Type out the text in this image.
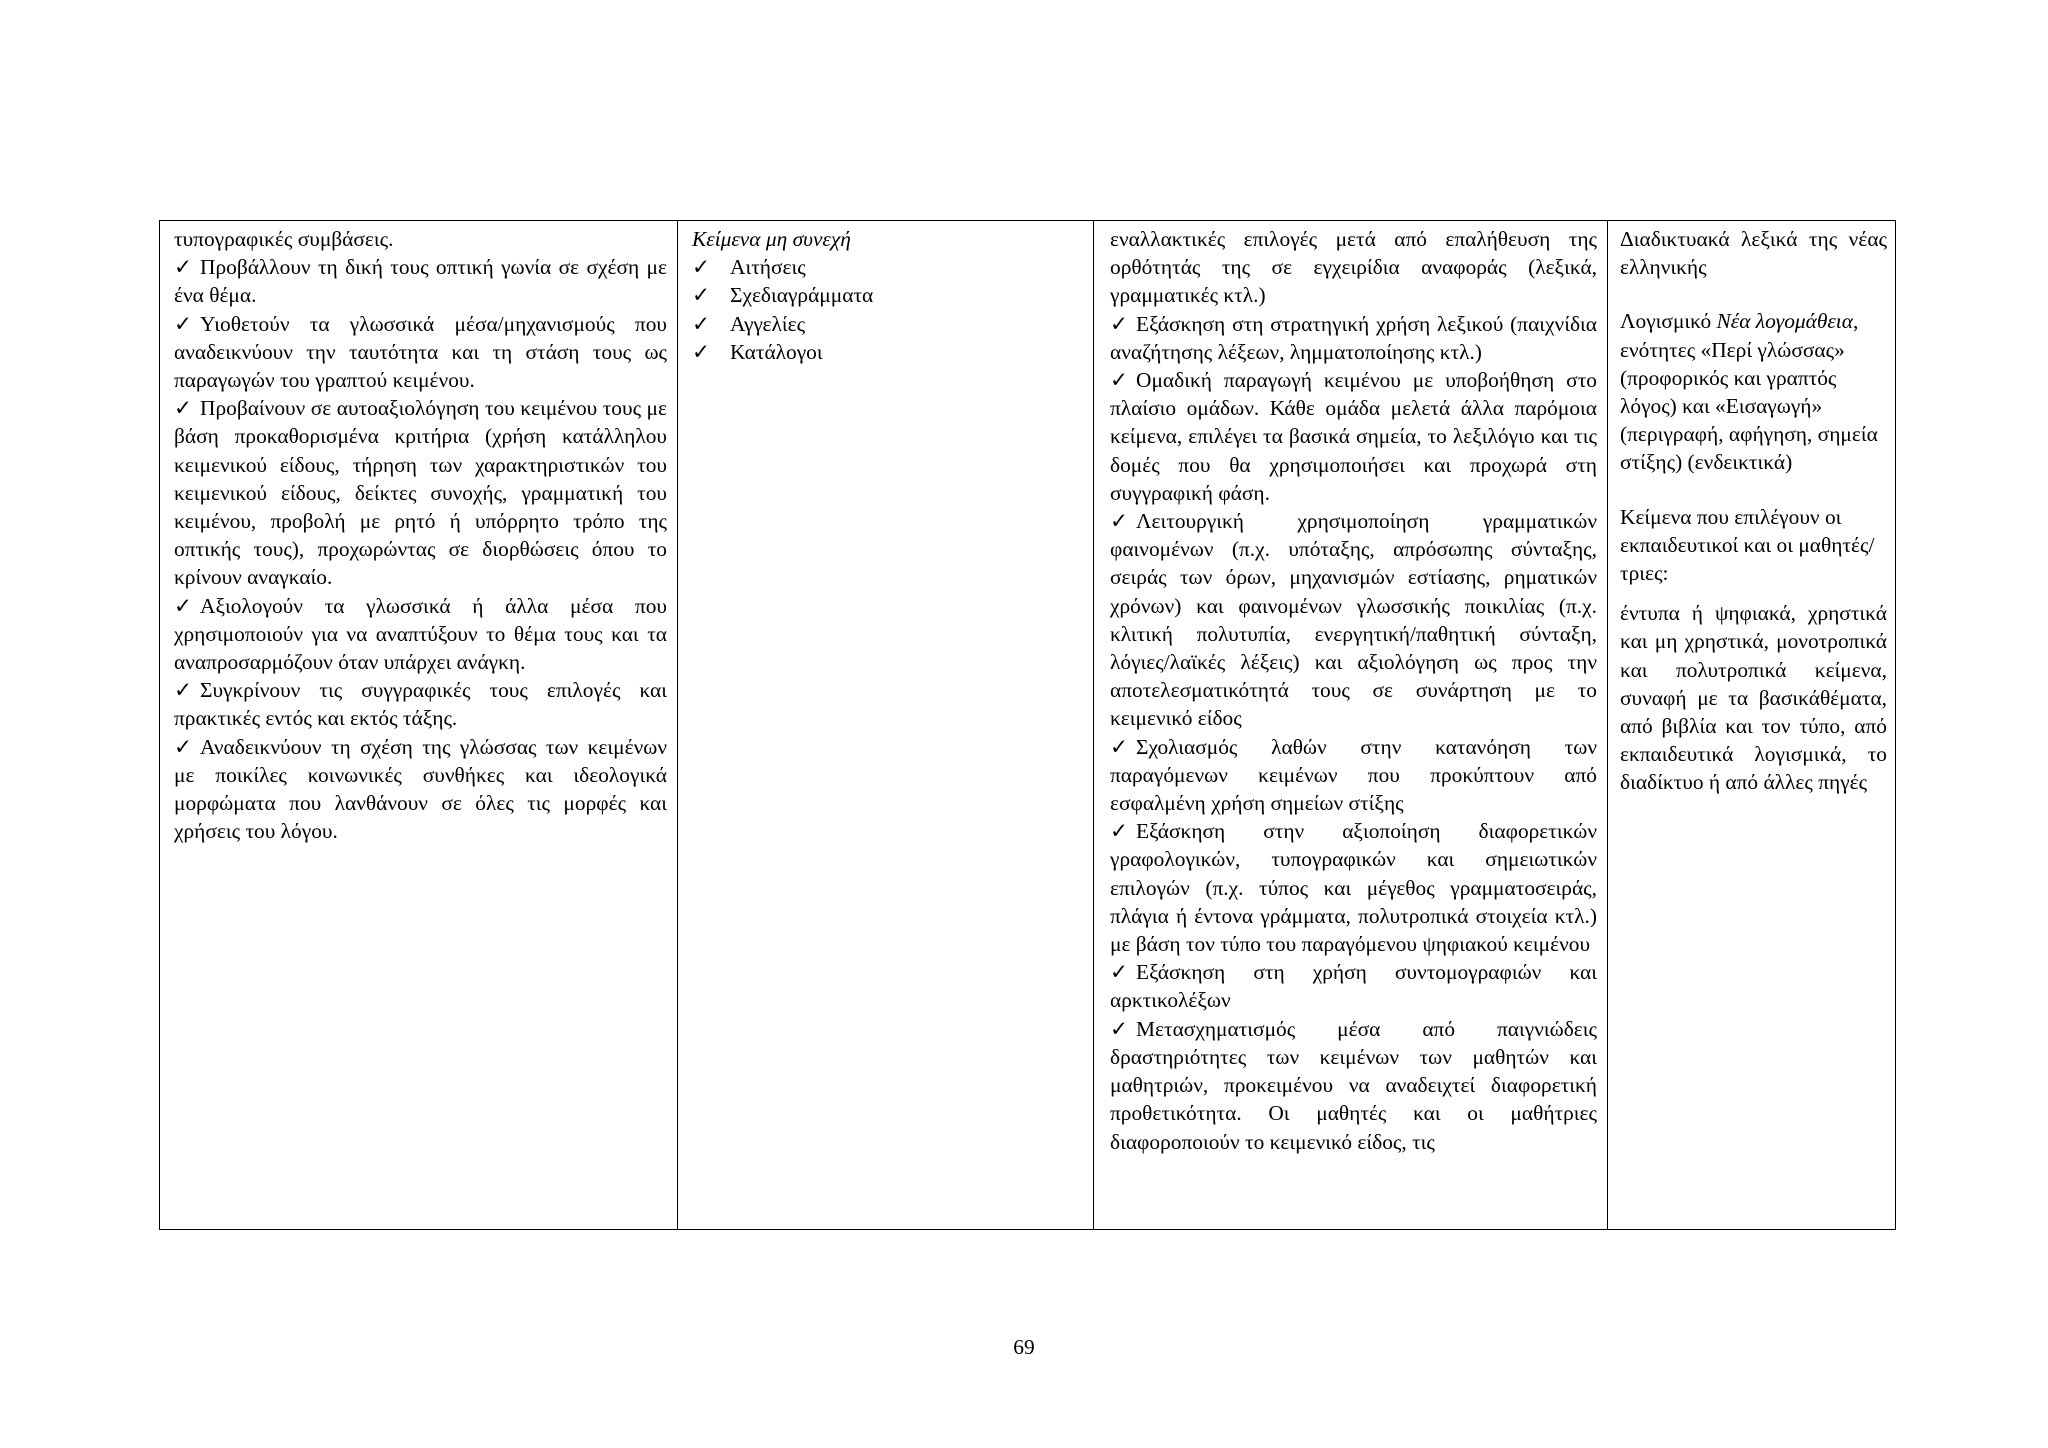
τυπογραφικές συμβάσεις.

✓ Προβάλλουν τη δική τους οπτική γωνία σε σχέση με ένα θέμα.

✓ Υιοθετούν τα γλωσσικά μέσα/μηχανισμούς που αναδεικνύουν την ταυτότητα και τη στάση τους ως παραγωγών του γραπτού κειμένου.

✓ Προβαίνουν σε αυτοαξιολόγηση του κειμένου τους με βάση προκαθορισμένα κριτήρια (χρήση κατάλληλου κειμενικού είδους, τήρηση των χαρακτηριστικών του κειμενικού είδους, δείκτες συνοχής, γραμματική του κειμένου, προβολή με ρητό ή υπόρρητο τρόπο της οπτικής τους), προχωρώντας σε διορθώσεις όπου το κρίνουν αναγκαίο.

✓ Αξιολογούν τα γλωσσικά ή άλλα μέσα που χρησιμοποιούν για να αναπτύξουν το θέμα τους και τα αναπροσαρμόζουν όταν υπάρχει ανάγκη.

✓ Συγκρίνουν τις συγγραφικές τους επιλογές και πρακτικές εντός και εκτός τάξης.

✓ Αναδεικνύουν τη σχέση της γλώσσας των κειμένων με ποικίλες κοινωνικές συνθήκες και ιδεολογικά μορφώματα που λανθάνουν σε όλες τις μορφές και χρήσεις του λόγου.

Κείμενα μη συνεχή

✓ Αιτήσεις
✓ Σχεδιαγράμματα
✓ Αγγελίες
✓ Κατάλογοι

εναλλακτικές επιλογές μετά από επαλήθευση της ορθότητάς της σε εγχειρίδια αναφοράς (λεξικά, γραμματικές κτλ.)

✓ Εξάσκηση στη στρατηγική χρήση λεξικού (παιχνίδια αναζήτησης λέξεων, λημματοποίησης κτλ.)

✓ Ομαδική παραγωγή κειμένου με υποβοήθηση στο πλαίσιο ομάδων. Κάθε ομάδα μελετά άλλα παρόμοια κείμενα, επιλέγει τα βασικά σημεία, το λεξιλόγιο και τις δομές που θα χρησιμοποιήσει και προχωρά στη συγγραφική φάση.

✓ Λειτουργική χρησιμοποίηση γραμματικών φαινομένων (π.χ. υπόταξης, απρόσωπης σύνταξης, σειράς των όρων, μηχανισμών εστίασης, ρηματικών χρόνων) και φαινομένων γλωσσικής ποικιλίας (π.χ. κλιτική πολυτυπία, ενεργητική/παθητική σύνταξη, λόγιες/λαϊκές λέξεις) και αξιολόγηση ως προς την αποτελεσματικότητά τους σε συνάρτηση με το κειμενικό είδος

✓ Σχολιασμός λαθών στην κατανόηση των παραγόμενων κειμένων που προκύπτουν από εσφαλμένη χρήση σημείων στίξης

✓ Εξάσκηση στην αξιοποίηση διαφορετικών γραφολογικών, τυπογραφικών και σημειωτικών επιλογών (π.χ. τύπος και μέγεθος γραμματοσειράς, πλάγια ή έντονα γράμματα, πολυτροπικά στοιχεία κτλ.) με βάση τον τύπο του παραγόμενου ψηφιακού κειμένου

✓ Εξάσκηση στη χρήση συντομογραφιών και αρκτικολέξων

✓ Μετασχηματισμός μέσα από παιγνιώδεις δραστηριότητες των κειμένων των μαθητών και μαθητριών, προκειμένου να αναδειχτεί διαφορετική προθετικότητα. Οι μαθητές και οι μαθήτριες διαφοροποιούν το κειμενικό είδος, τις

Διαδικτυακά λεξικά της νέας ελληνικής

Λογισμικό Νέα λογομάθεια, ενότητες «Περί γλώσσας» (προφορικός και γραπτός λόγος) και «Εισαγωγή» (περιγραφή, αφήγηση, σημεία στίξης) (ενδεικτικά)

Κείμενα που επιλέγουν οι εκπαιδευτικοί και οι μαθητές/τριες:

έντυπα ή ψηφιακά, χρηστικά και μη χρηστικά, μονοτροπικά και πολυτροπικά κείμενα, συναφή με τα βασικάθέματα, από βιβλία και τον τύπο, από εκπαιδευτικά λογισμικά, το διαδίκτυο ή από άλλες πηγές

69
